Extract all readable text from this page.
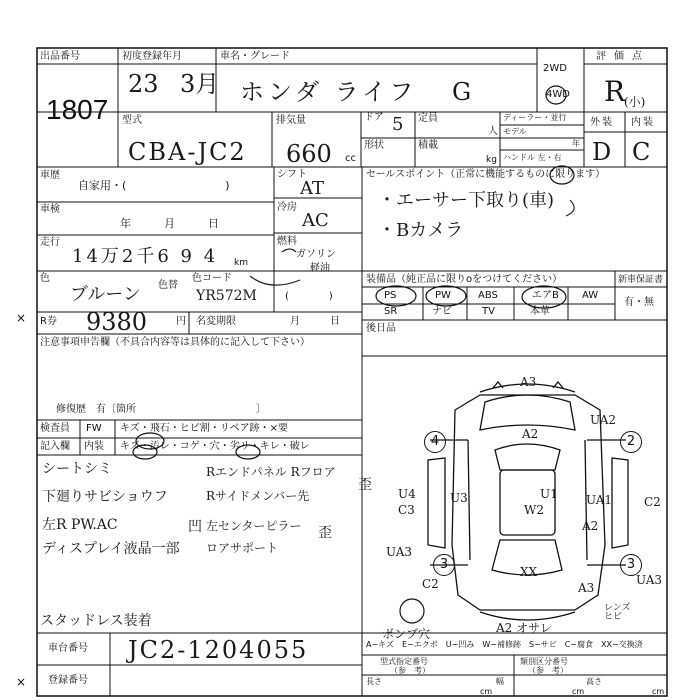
出品番号
1807
初度登録年月
23 3月
車名・グレード
ホンダ ライフ G
2WD
4WD
評価点
R
(小)
型式
CBA-JC2
排気量
660 cc
ドア 5
形状
定員
人
積載
kg
ディーラー・並行
モデル
年
ハンドル 左・右
外装 内装
D C
車歴
自家用・(　　　　　　　　　)
車検
年　　　月　　　日
走行
14万2千6 9 4 km
色
ブルーン 色替
色コード
YR572M
R券 9380	円 名変期限	月　　　日
シフト
AT
冷房
AC
燃料
ガソリン
軽油
(　　　　)
セールスポイント（正常に機能するものに限ります）
・エーサー下取り(車)
・Bカメラ
装備品（純正品に限りoをつけてください）	新車保証書
有・無
PS	PW	ABS	エアB AW
SR	ナビ	TV	本革
後日品
注意事項申告欄（不具合内容等は具体的に記入して下さい）
修復歴　有〔箇所　　　　　　　　　　　　〕
検査員
記入欄
FW キズ・飛石・ヒビ割・リペア跡・×要
内装 キズ・汚レ・コゲ・穴・劣リ・キレ・破レ
シートシミ
下廻りサビショウフ
左R PW.AC
ディスプレイ液晶一部
Rエンドパネル Rフロア
Rサイドメンバー先
左センターピラー
ロアサポート
歪
凹	歪
スタッドレス装着
A3
A2
UA2
U4
C3
U3	U1
W2
UA1	C2
A2
UA3
C2
XX
A3
UA3
A2 オサレ
レンズ ヒビ
ボンブ穴
4	2
3	3
車台番号 JC2-1204055
登録番号
A−キズ　E−エクボ　U−凹み　W−補修跡　S−サビ　C−腐食　XX−交換済
型式指定番号
（参　考）
類別区分番号
（参　考）
長さ
cm
幅
cm
高さ
cm
×
×
